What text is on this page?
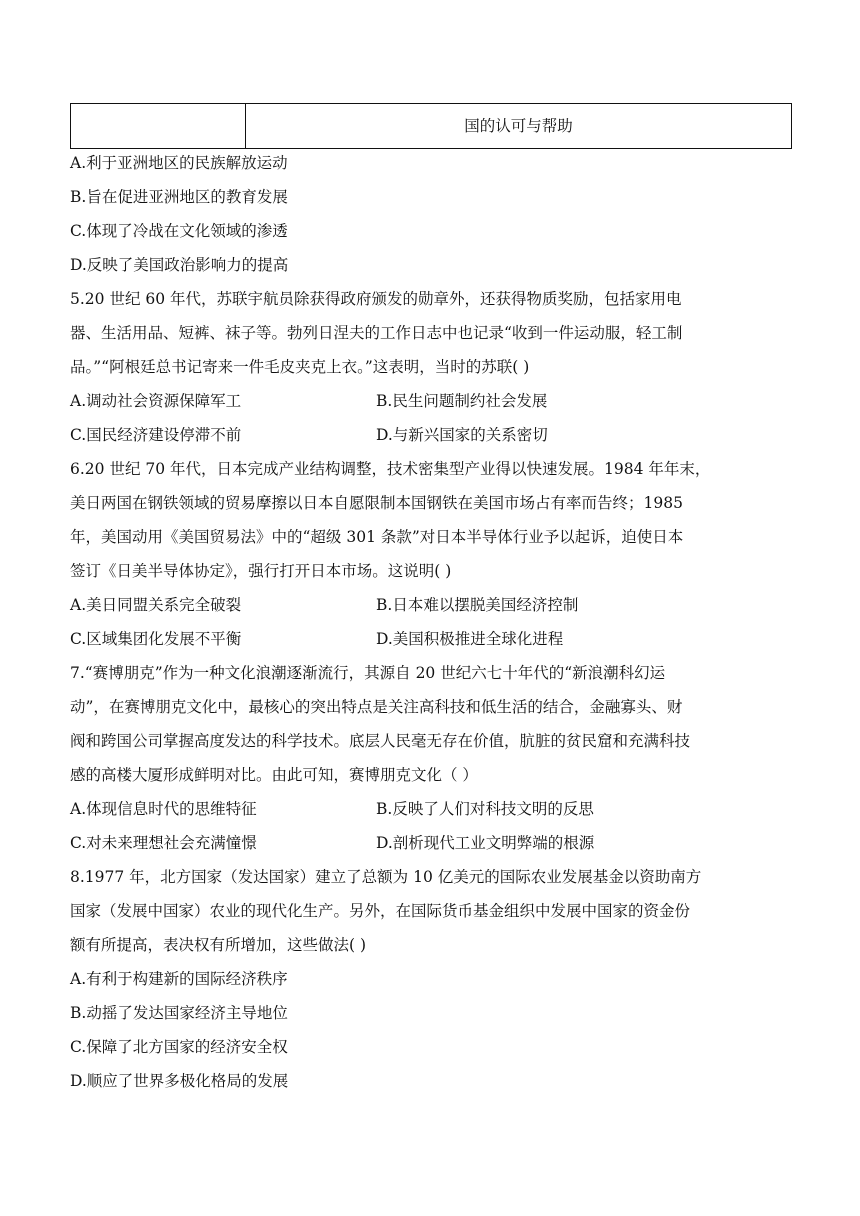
国的认可与帮助
A.利于亚洲地区的民族解放运动
B.旨在促进亚洲地区的教育发展
C.体现了冷战在文化领域的渗透
D.反映了美国政治影响力的提高
5.20 世纪 60 年代，苏联宇航员除获得政府颁发的勋章外，还获得物质奖励，包括家用电
器、生活用品、短裤、袜子等。勃列日涅夫的工作日志中也记录“收到一件运动服，轻工制
品。”“阿根廷总书记寄来一件毛皮夹克上衣。”这表明，当时的苏联( )
A.调动社会资源保障军工	B.民生问题制约社会发展
C.国民经济建设停滞不前	D.与新兴国家的关系密切
6.20 世纪 70 年代，日本完成产业结构调整，技术密集型产业得以快速发展。1984 年年末，
美日两国在钢铁领域的贸易摩擦以日本自愿限制本国钢铁在美国市场占有率而告终；1985
年，美国动用《美国贸易法》中的“超级 301 条款”对日本半导体行业予以起诉，迫使日本
签订《日美半导体协定》，强行打开日本市场。这说明( )
A.美日同盟关系完全破裂	B.日本难以摆脱美国经济控制
C.区域集团化发展不平衡	D.美国积极推进全球化进程
7.“赛博朋克”作为一种文化浪潮逐渐流行，其源自 20 世纪六七十年代的“新浪潮科幻运
动”，在赛博朋克文化中，最核心的突出特点是关注高科技和低生活的结合，金融寡头、财
阀和跨国公司掌握高度发达的科学技术。底层人民毫无存在价值，肮脏的贫民窟和充满科技
感的高楼大厦形成鲜明对比。由此可知，赛博朋克文化（ ）
A.体现信息时代的思维特征	B.反映了人们对科技文明的反思
C.对未来理想社会充满憧憬	D.剖析现代工业文明弊端的根源
8.1977 年，北方国家（发达国家）建立了总额为 10 亿美元的国际农业发展基金以资助南方
国家（发展中国家）农业的现代化生产。另外，在国际货币基金组织中发展中国家的资金份
额有所提高，表决权有所增加，这些做法( )
A.有利于构建新的国际经济秩序
B.动摇了发达国家经济主导地位
C.保障了北方国家的经济安全权
D.顺应了世界多极化格局的发展
